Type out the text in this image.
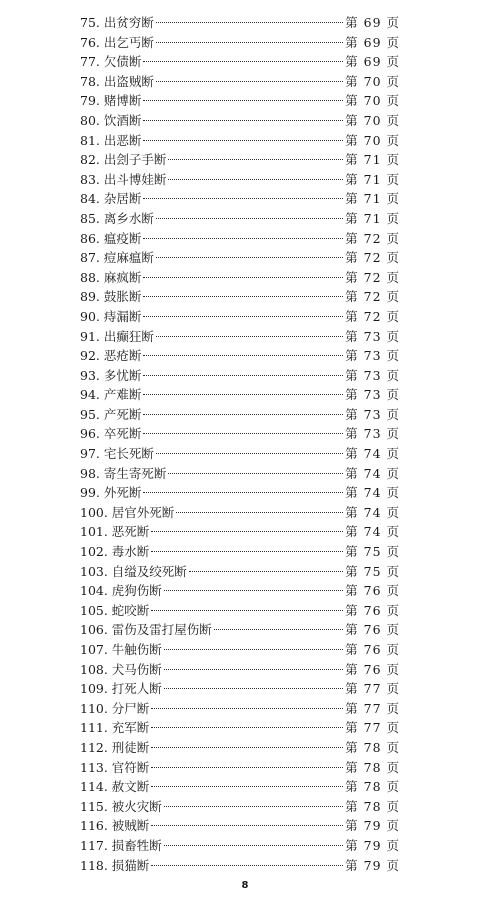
75. 出贫穷断	第 69 页
76. 出乞丐断	第 69 页
77. 欠债断	第 69 页
78. 出盗贼断	第 70 页
79. 赌博断	第 70 页
80. 饮酒断	第 70 页
81. 出恶断	第 70 页
82. 出刽子手断	第 71 页
83. 出斗博娃断	第 71 页
84. 杂居断	第 71 页
85. 离乡水断	第 71 页
86. 瘟疫断	第 72 页
87. 痘麻瘟断	第 72 页
88. 麻疯断	第 72 页
89. 鼓胀断	第 72 页
90. 痔漏断	第 72 页
91. 出癫狂断	第 73 页
92. 恶疮断	第 73 页
93. 多忧断	第 73 页
94. 产难断	第 73 页
95. 产死断	第 73 页
96. 卒死断	第 73 页
97. 宅长死断	第 74 页
98. 寄生寄死断	第 74 页
99. 外死断	第 74 页
100. 居官外死断	第 74 页
101. 恶死断	第 74 页
102. 毒水断	第 75 页
103. 自缢及绞死断	第 75 页
104. 虎狗伤断	第 76 页
105. 蛇咬断	第 76 页
106. 雷伤及雷打屋伤断	第 76 页
107. 牛触伤断	第 76 页
108. 犬马伤断	第 76 页
109. 打死人断	第 77 页
110. 分尸断	第 77 页
111. 充军断	第 77 页
112. 刑徒断	第 78 页
113. 官符断	第 78 页
114. 赦文断	第 78 页
115. 被火灾断	第 78 页
116. 被贼断	第 79 页
117. 损畜牲断	第 79 页
118. 损猫断	第 79 页
8
